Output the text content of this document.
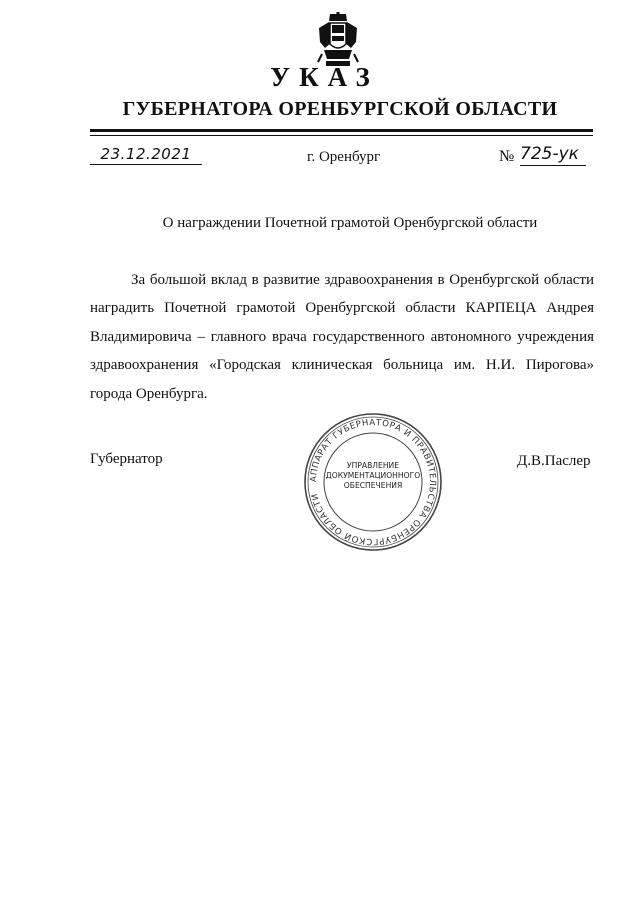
УКАЗ
ГУБЕРНАТОРА ОРЕНБУРГСКОЙ ОБЛАСТИ
23.12.2021	г. Оренбург	№ 725-ук
О награждении Почетной грамотой Оренбургской области
За большой вклад в развитие здравоохранения в Оренбургской области наградить Почетной грамотой Оренбургской области КАРПЕЦА Андрея Владимировича – главного врача государственного автономного учреждения здравоохранения «Городская клиническая больница им. Н.И. Пирогова» города Оренбурга.
Губернатор	Д.В.Паслер
АППАРАТ ГУБЕРНАТОРА И ПРАВИТЕЛЬСТВА ОРЕНБУРГСКОЙ ОБЛАСТИ
УПРАВЛЕНИЕ
ДОКУМЕНТАЦИОННОГО
ОБЕСПЕЧЕНИЯ
